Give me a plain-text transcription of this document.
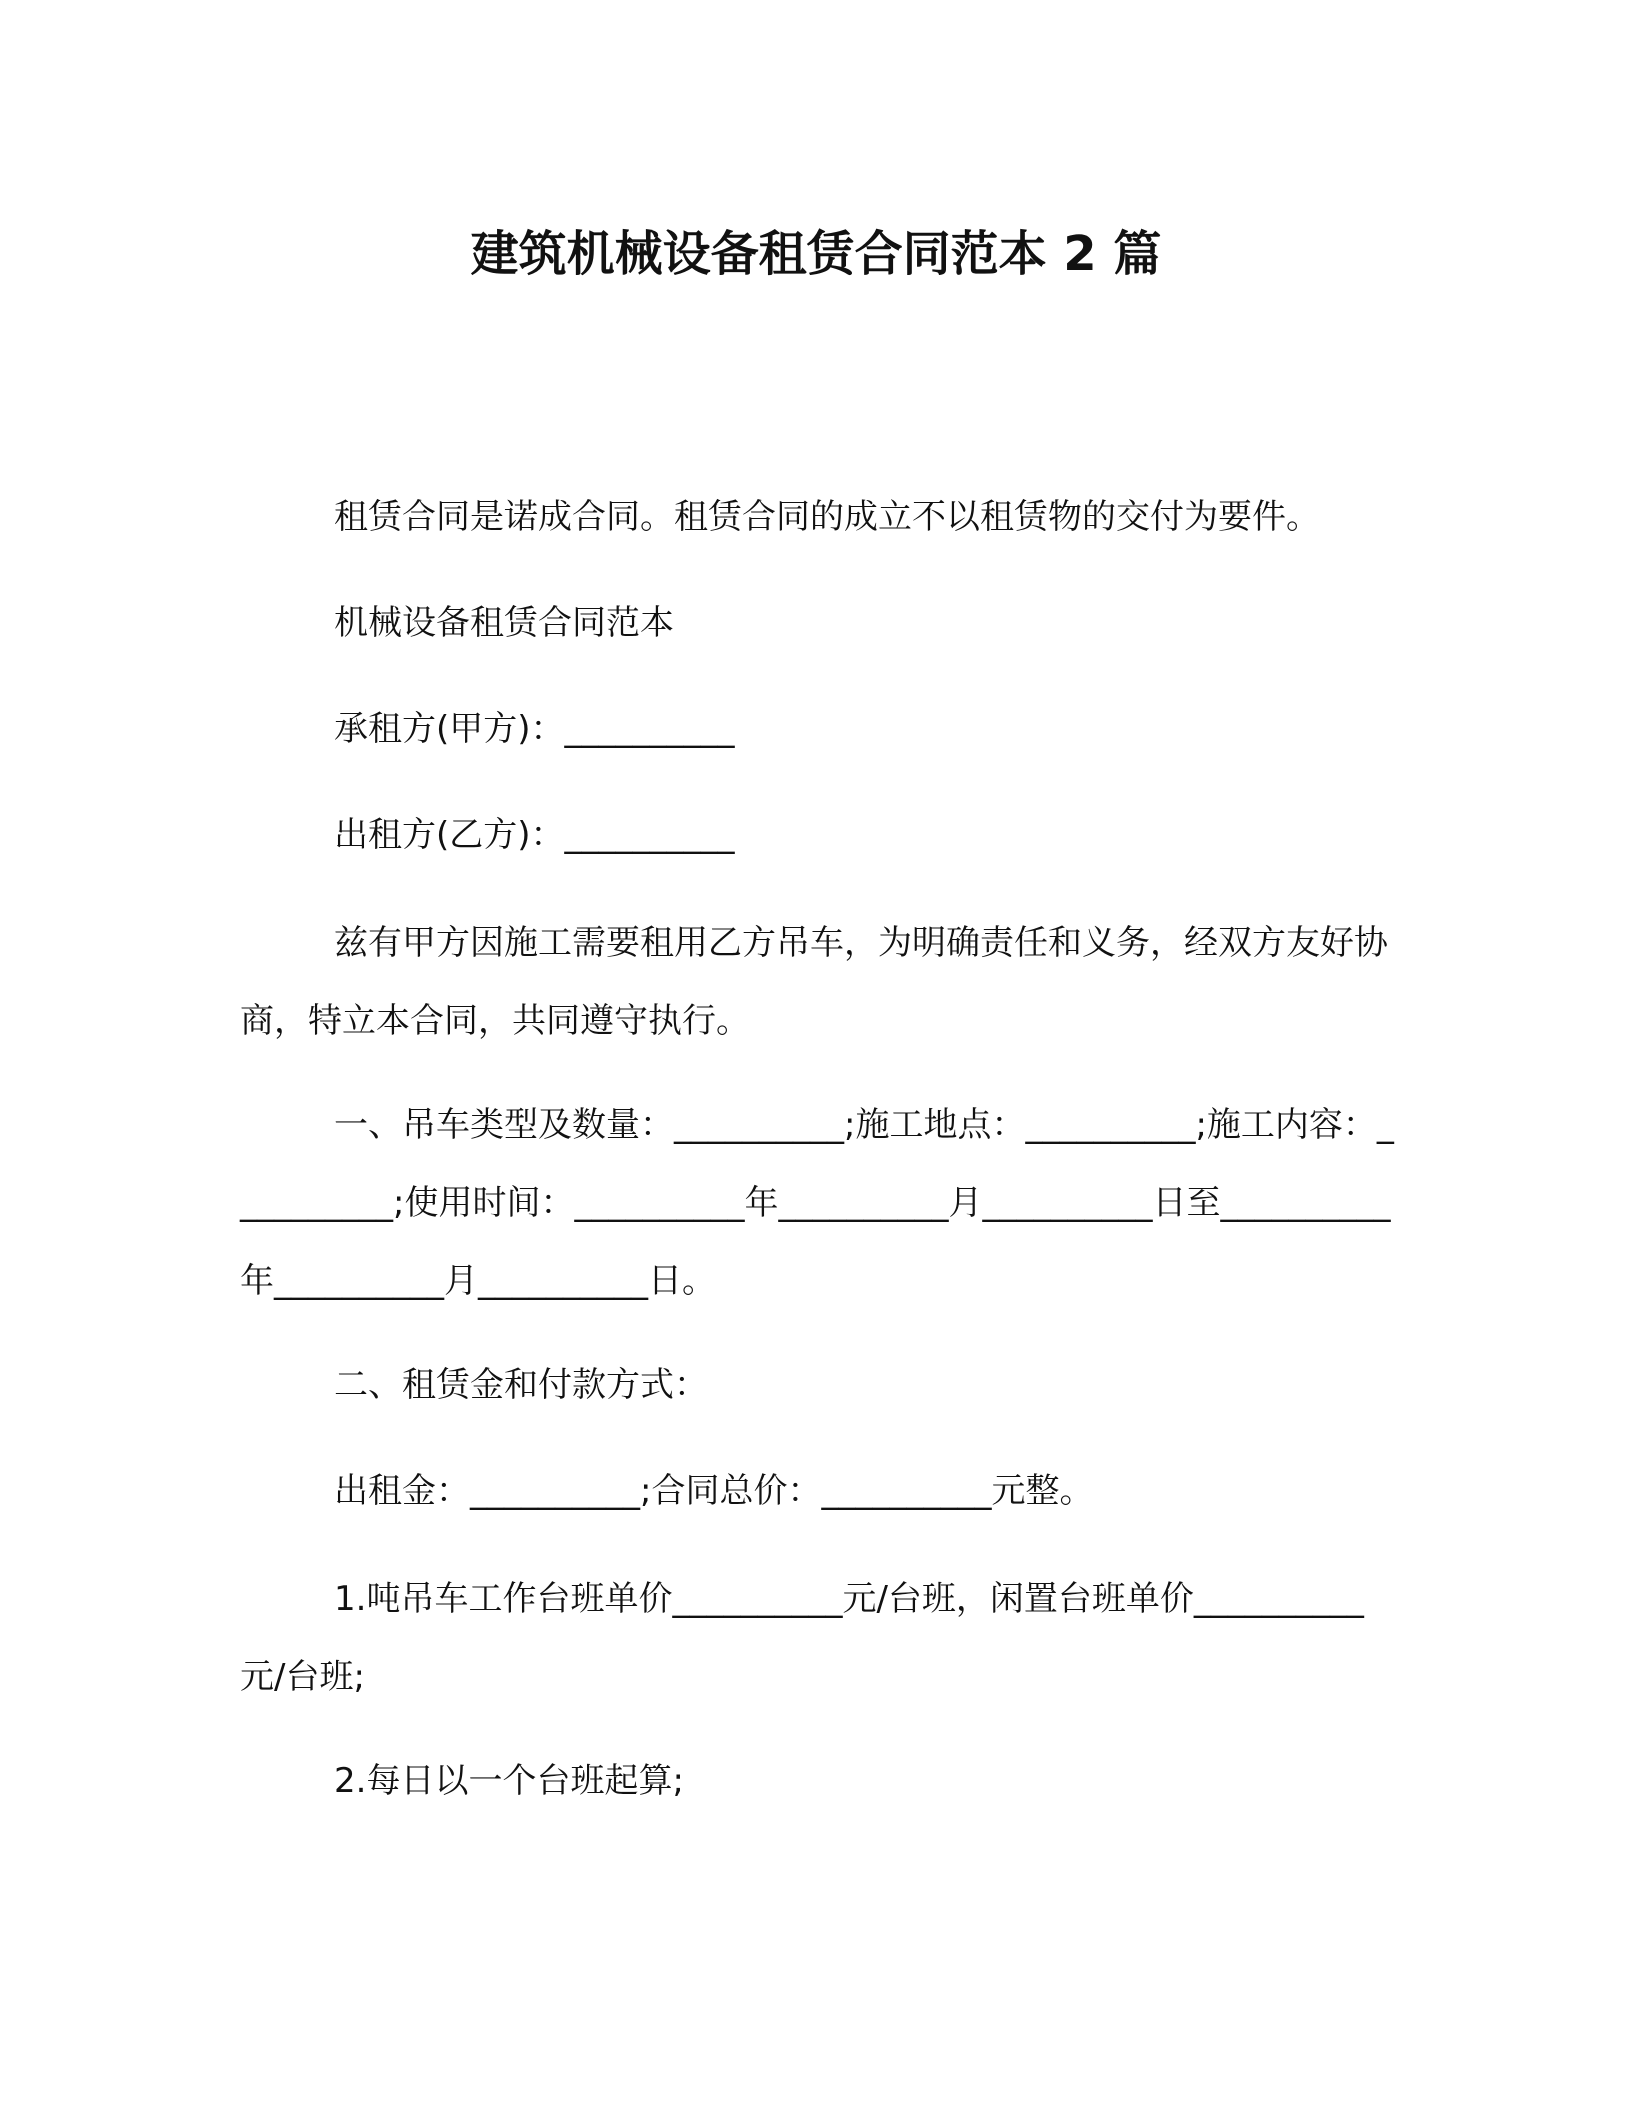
建筑机械设备租赁合同范本 2 篇
租赁合同是诺成合同。租赁合同的成立不以租赁物的交付为要件。
机械设备租赁合同范本
承租方(甲方)：__________
出租方(乙方)：__________
兹有甲方因施工需要租用乙方吊车，为明确责任和义务，经双方友好协商，特立本合同，共同遵守执行。
一、吊车类型及数量：__________;施工地点：__________;施工内容：__________;使用时间：__________年__________月__________日至__________年__________月__________日。
二、租赁金和付款方式：
出租金：__________;合同总价：__________元整。
1.吨吊车工作台班单价__________元/台班，闲置台班单价__________元/台班;
2.每日以一个台班起算;
